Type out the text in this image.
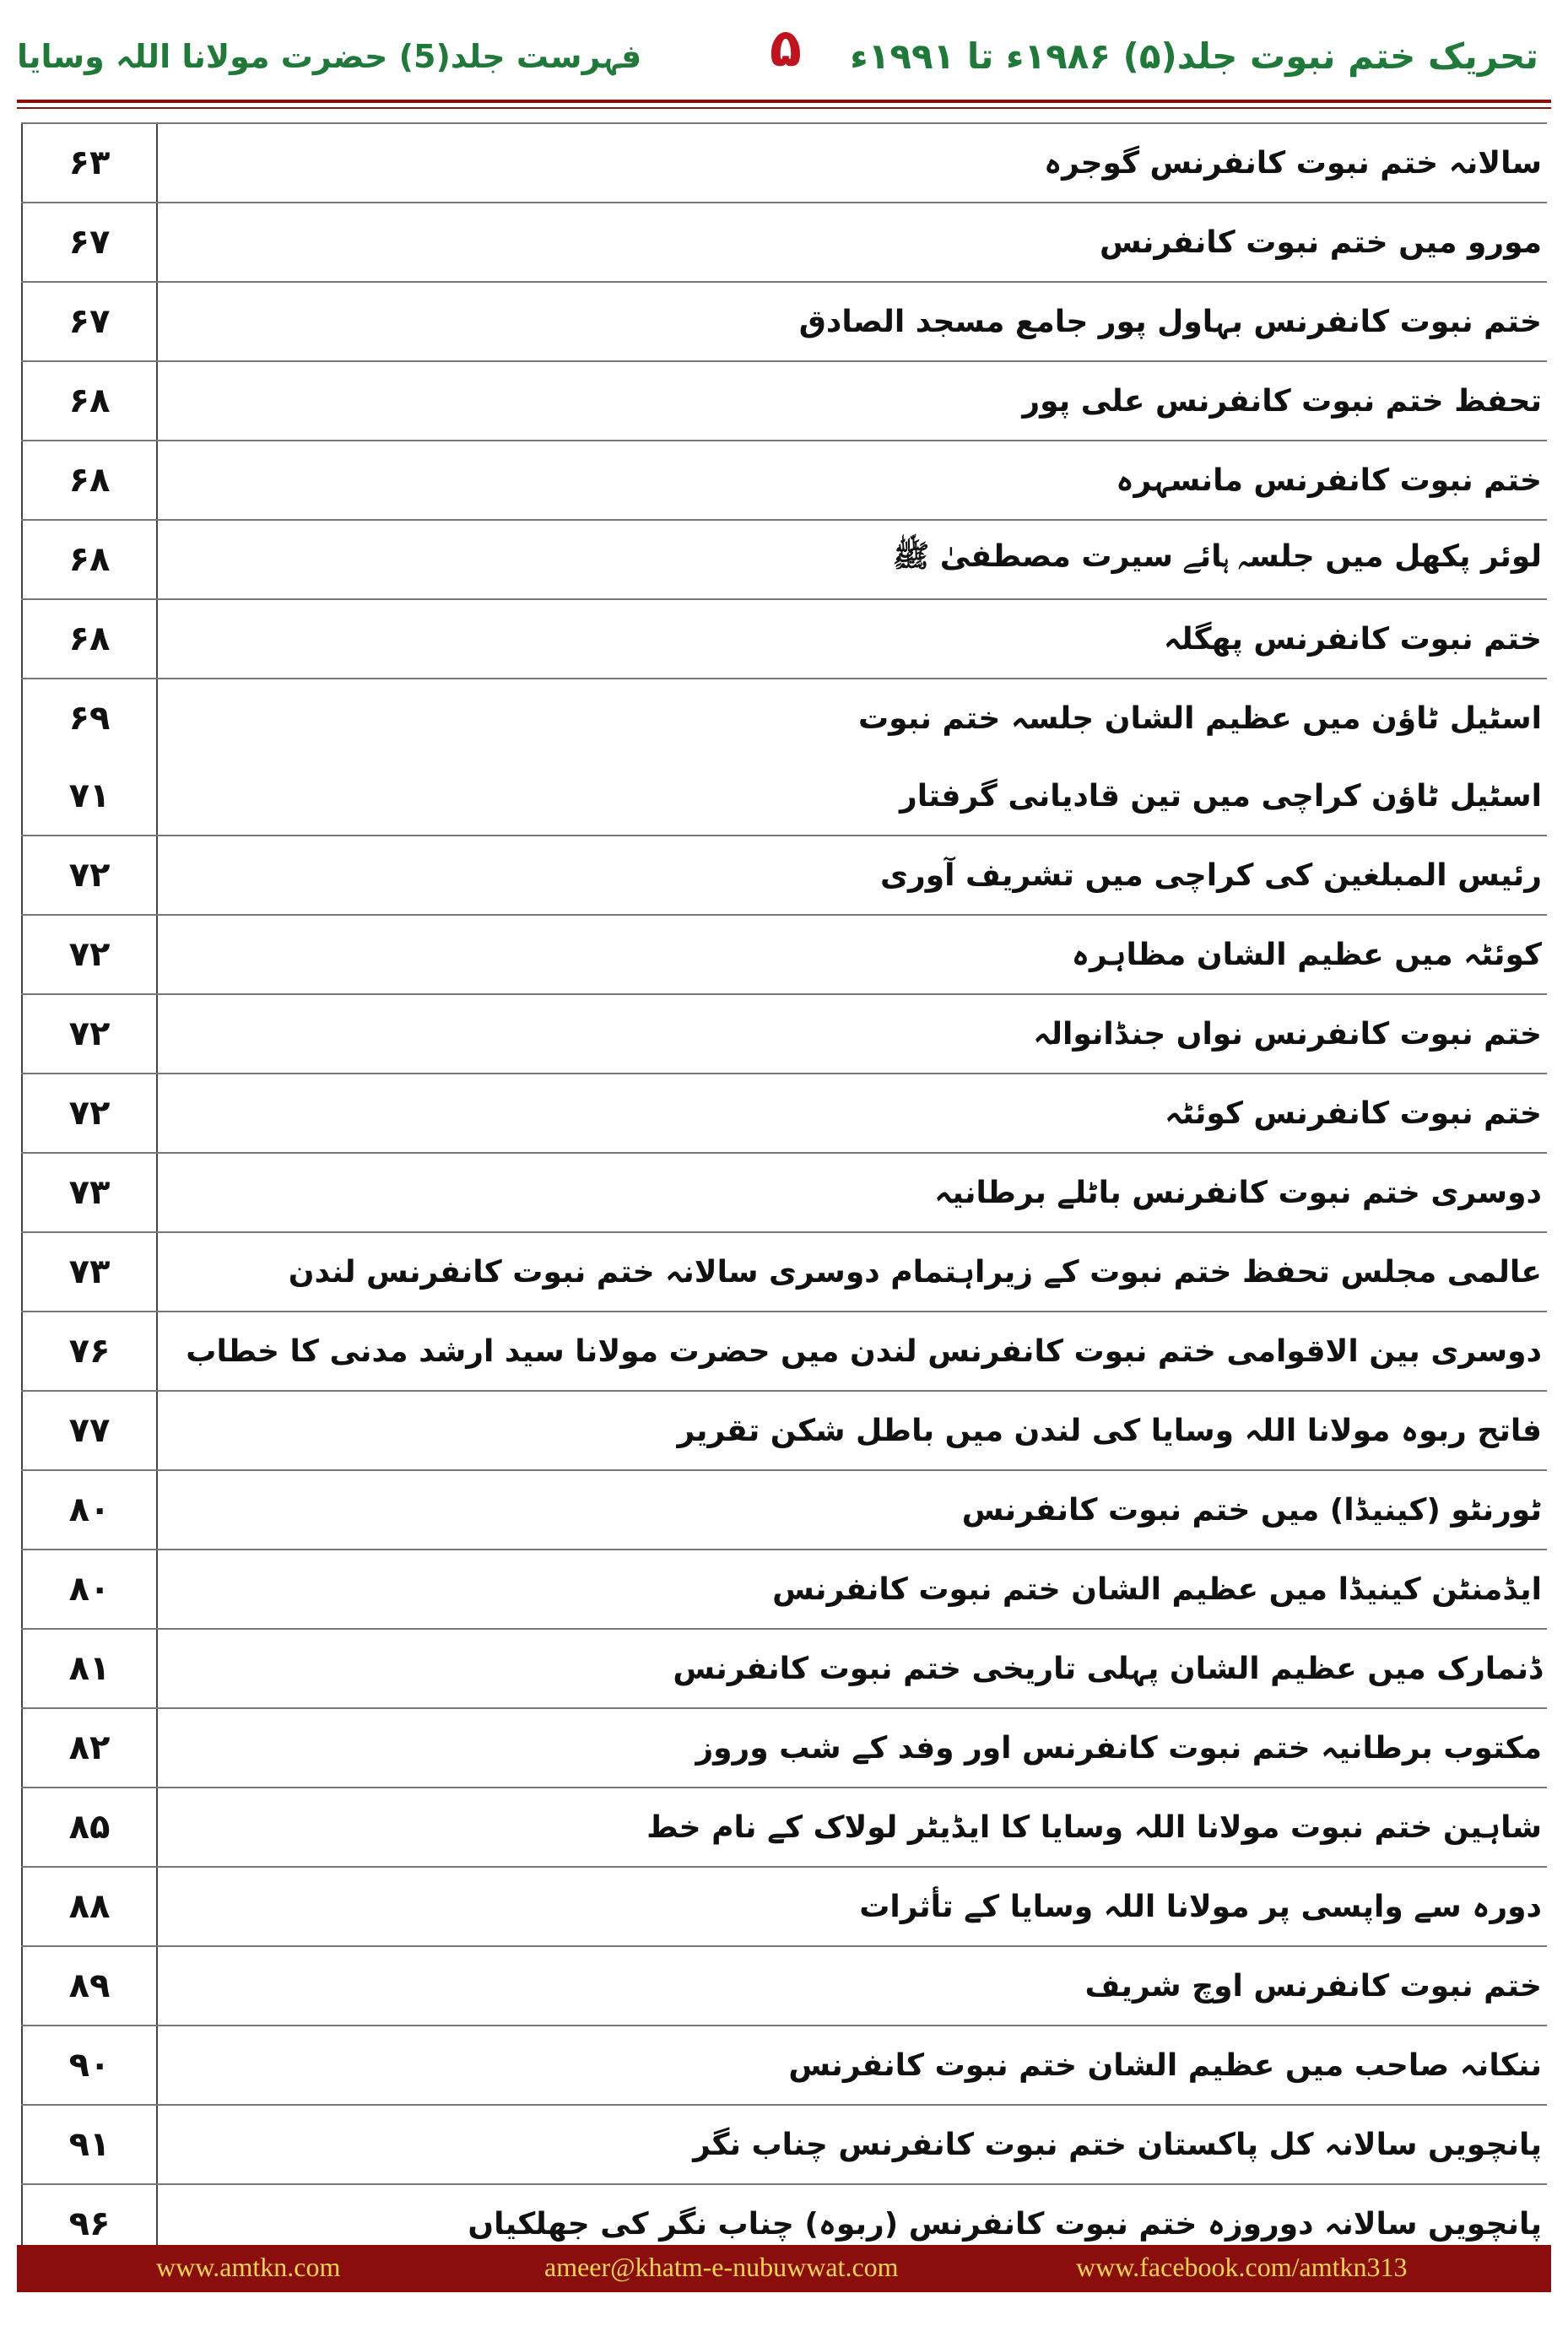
تحریک ختم نبوت جلد(۵) ۱۹۸۶ء تا ۱۹۹۱ء
۵
فہرست جلد(5) حضرت مولانا اللہ وسایا
۶۳	سالانہ ختم نبوت کانفرنس گوجرہ
۶۷	مورو میں ختم نبوت کانفرنس
۶۷	ختم نبوت کانفرنس بہاول پور جامع مسجد الصادق
۶۸	تحفظ ختم نبوت کانفرنس علی پور
۶۸	ختم نبوت کانفرنس مانسہرہ
۶۸	لوئر پکھل میں جلسہ ہائے سیرت مصطفیٰ ﷺ
۶۸	ختم نبوت کانفرنس پھگلہ
۶۹	اسٹیل ٹاؤن میں عظیم الشان جلسہ ختم نبوت
۷۱	اسٹیل ٹاؤن کراچی میں تین قادیانی گرفتار
۷۲	رئیس المبلغین کی کراچی میں تشریف آوری
۷۲	کوئٹہ میں عظیم الشان مظاہرہ
۷۲	ختم نبوت کانفرنس نواں جنڈانوالہ
۷۲	ختم نبوت کانفرنس کوئٹہ
۷۳	دوسری ختم نبوت کانفرنس باٹلے برطانیہ
۷۳	عالمی مجلس تحفظ ختم نبوت کے زیراہتمام دوسری سالانہ ختم نبوت کانفرنس لندن
۷۶	دوسری بین الاقوامی ختم نبوت کانفرنس لندن میں حضرت مولانا سید ارشد مدنی کا خطاب
۷۷	فاتح ربوہ مولانا اللہ وسایا کی لندن میں باطل شکن تقریر
۸۰	ٹورنٹو (کینیڈا) میں ختم نبوت کانفرنس
۸۰	ایڈمنٹن کینیڈا میں عظیم الشان ختم نبوت کانفرنس
۸۱	ڈنمارک میں عظیم الشان پہلی تاریخی ختم نبوت کانفرنس
۸۲	مکتوب برطانیہ ختم نبوت کانفرنس اور وفد کے شب وروز
۸۵	شاہین ختم نبوت مولانا اللہ وسایا کا ایڈیٹر لولاک کے نام خط
۸۸	دورہ سے واپسی پر مولانا اللہ وسایا کے تأثرات
۸۹	ختم نبوت کانفرنس اوچ شریف
۹۰	ننکانہ صاحب میں عظیم الشان ختم نبوت کانفرنس
۹۱	پانچویں سالانہ کل پاکستان ختم نبوت کانفرنس چناب نگر
۹۶	پانچویں سالانہ دوروزہ ختم نبوت کانفرنس (ربوہ) چناب نگر کی جھلکیاں
www.amtkn.com	ameer@khatm-e-nubuwwat.com	www.facebook.com/amtkn313
